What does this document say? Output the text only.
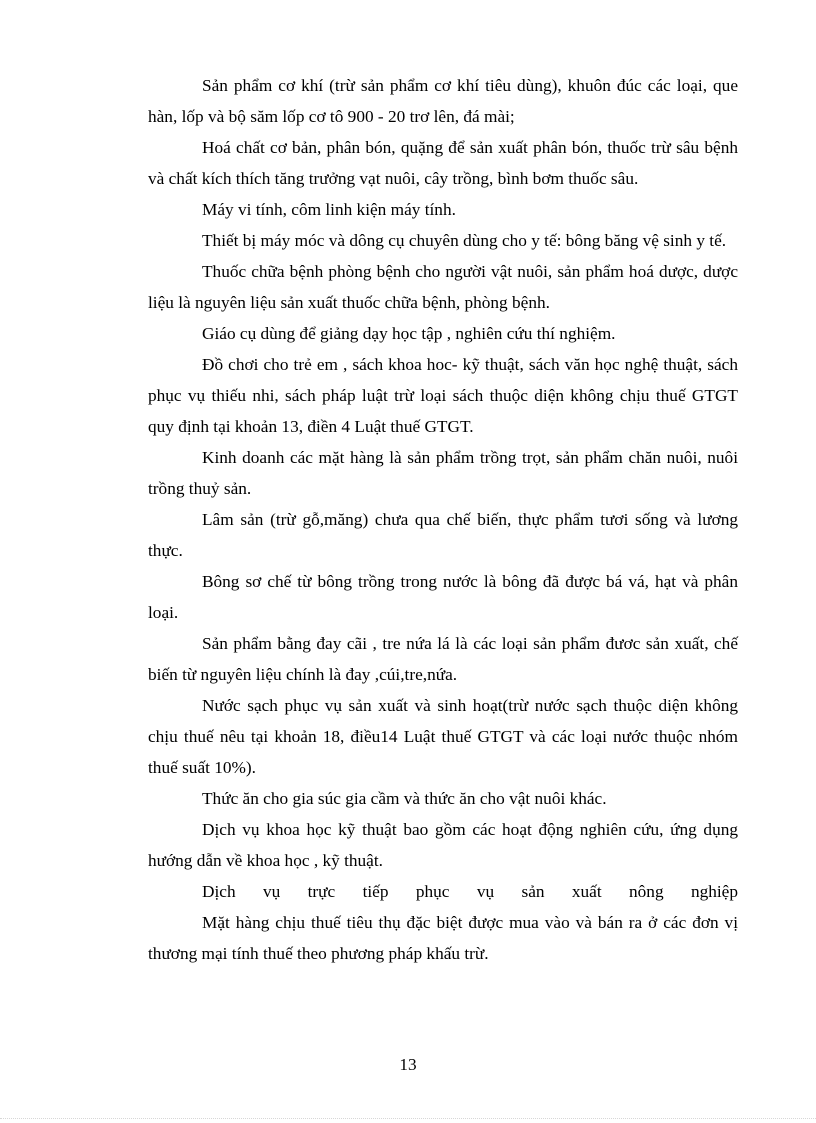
Sản phẩm cơ khí (trừ sản phẩm cơ khí tiêu dùng), khuôn đúc các loại, que hàn, lốp và bộ săm lốp cơ tô 900 - 20 trơ lên, đá mài;

Hoá chất cơ bản, phân bón, quặng để sản xuất phân bón, thuốc trừ sâu bệnh và chất kích thích tăng trưởng vạt nuôi, cây trồng, bình bơm thuốc sâu.

Máy vi tính, côm linh kiện máy tính.

Thiết bị máy móc và dông cụ chuyên dùng cho y tế: bông băng vệ sinh y tế.

Thuốc chữa bệnh phòng bệnh cho người vật nuôi, sản phẩm hoá dược, dược liệu là nguyên liệu sản xuất thuốc chữa bệnh, phòng bệnh.

Giáo cụ dùng để giảng dạy học tập , nghiên cứu thí nghiệm.

Đồ chơi cho trẻ em , sách khoa hoc- kỹ thuật, sách văn học nghệ thuật, sách phục vụ thiếu nhi, sách pháp luật trừ loại sách thuộc diện không chịu thuế GTGT quy định tại khoản 13, điền 4 Luật thuế GTGT.

Kinh doanh các mặt hàng là sản phẩm trồng trọt, sản phẩm chăn nuôi, nuôi trồng thuỷ sản.

Lâm sản (trừ gỗ,măng) chưa qua chế biến, thực phẩm tươi sống và lương thực.

Bông sơ chế từ bông trồng trong nước là bông đã được bá vá, hạt và phân loại.

Sản phẩm bằng đay cãi , tre nứa lá là các loại sản phẩm đươc sản xuất, chế biến từ nguyên liệu chính là đay ,cúi,tre,nứa.

Nước sạch phục vụ sản xuất và sinh hoạt(trừ nước sạch thuộc diện không chịu thuế nêu tại khoản 18, điều14 Luật thuế GTGT và các loại nước thuộc nhóm thuế suất 10%).

Thức ăn cho gia súc gia cầm và thức ăn cho vật nuôi khác.

Dịch vụ khoa học kỹ thuật bao gồm các hoạt động nghiên cứu, ứng dụng hướng dẫn về khoa học , kỹ thuật.

Dịch vụ trực tiếp phục vụ sản xuất nông nghiệp

Mặt hàng chịu thuế tiêu thụ đặc biệt được mua vào và bán ra ở các đơn vị thương mại tính thuế theo phương pháp khấu trừ.

13
